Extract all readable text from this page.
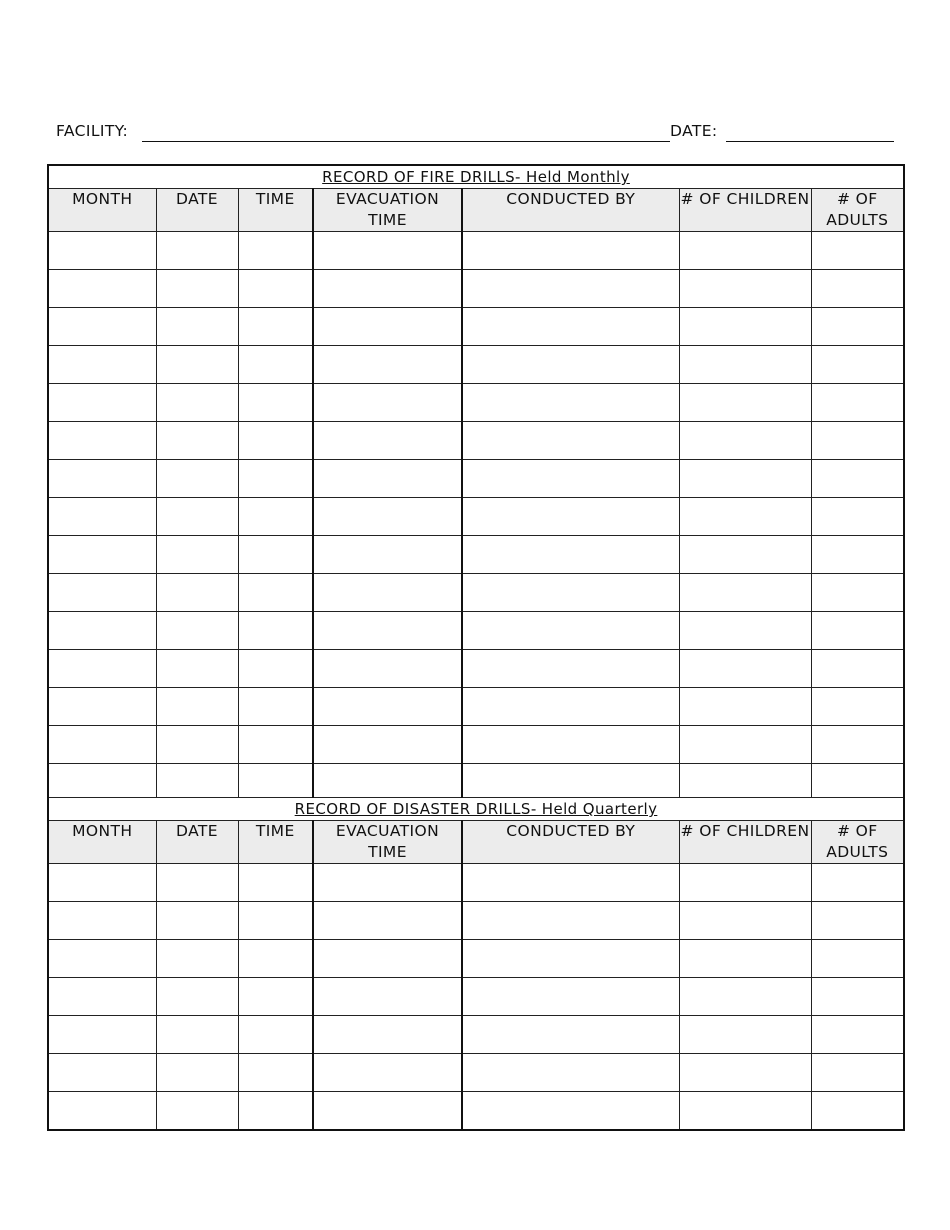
FACILITY:	DATE:
RECORD OF FIRE DRILLS- Held Monthly						
MONTH	DATE	TIME	EVACUATION TIME	CONDUCTED BY	# OF CHILDREN	# OF ADULTS

RECORD OF DISASTER DRILLS- Held Quarterly						
MONTH	DATE	TIME	EVACUATION TIME	CONDUCTED BY	# OF CHILDREN	# OF ADULTS
